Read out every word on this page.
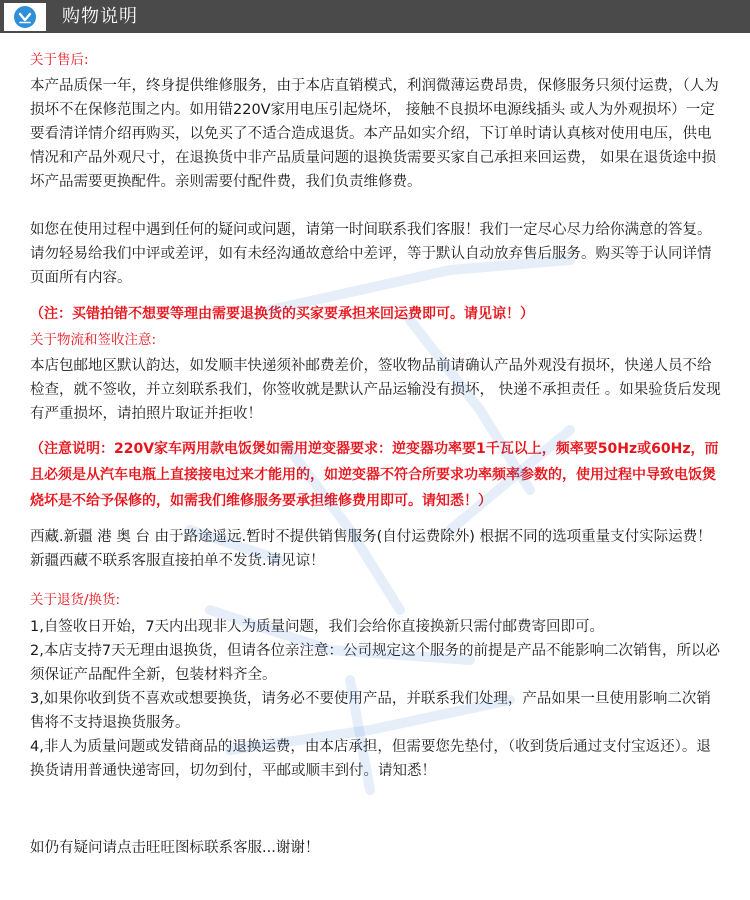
购物说明

关于售后:

本产品质保一年，终身提供维修服务，由于本店直销模式，利润微薄运费昂贵，保修服务只须付运费，（人为损坏不在保修范围之内。如用错220V家用电压引起烧坏， 接触不良损坏电源线插头 或人为外观损坏）一定要看清详情介绍再购买，以免买了不适合造成退货。本产品如实介绍，下订单时请认真核对使用电压，供电情况和产品外观尺寸，在退换货中非产品质量问题的退换货需要买家自己承担来回运费， 如果在退货途中损坏产品需要更换配件。亲则需要付配件费，我们负责维修费。

如您在使用过程中遇到任何的疑问或问题，请第一时间联系我们客服！我们一定尽心尽力给你满意的答复。请勿轻易给我们中评或差评，如有未经沟通故意给中差评，等于默认自动放弃售后服务。购买等于认同详情页面所有内容。

（注：买错拍错不想要等理由需要退换货的买家要承担来回运费即可。请见谅！）

关于物流和签收注意:

本店包邮地区默认韵达，如发顺丰快递须补邮费差价，签收物品前请确认产品外观没有损坏，快递人员不给检查，就不签收，并立刻联系我们，你签收就是默认产品运输没有损坏， 快递不承担责任 。如果验货后发现有严重损坏，请拍照片取证并拒收！

（注意说明：220V家车两用款电饭煲如需用逆变器要求：逆变器功率要1千瓦以上，频率要50Hz或60Hz，而且必须是从汽车电瓶上直接接电过来才能用的，如逆变器不符合所要求功率频率参数的，使用过程中导致电饭煲烧坏是不给予保修的，如需我们维修服务要承担维修费用即可。请知悉！）

西藏.新疆 港 奥 台 由于路途遥远.暂时不提供销售服务(自付运费除外) 根据不同的选项重量支付实际运费！新疆西藏不联系客服直接拍单不发货.请见谅！

关于退货/换货:

1,自签收日开始，7天内出现非人为质量问题，我们会给你直接换新只需付邮费寄回即可。

2,本店支持7天无理由退换货，但请各位亲注意：公司规定这个服务的前提是产品不能影响二次销售，所以必须保证产品配件全新，包装材料齐全。

3,如果你收到货不喜欢或想要换货，请务必不要使用产品，并联系我们处理，产品如果一旦使用影响二次销售将不支持退换货服务。

4,非人为质量问题或发错商品的退换运费，由本店承担，但需要您先垫付，（收到货后通过支付宝返还）。退换货请用普通快递寄回，切勿到付，平邮或顺丰到付。请知悉！

如仍有疑问请点击旺旺图标联系客服...谢谢！
